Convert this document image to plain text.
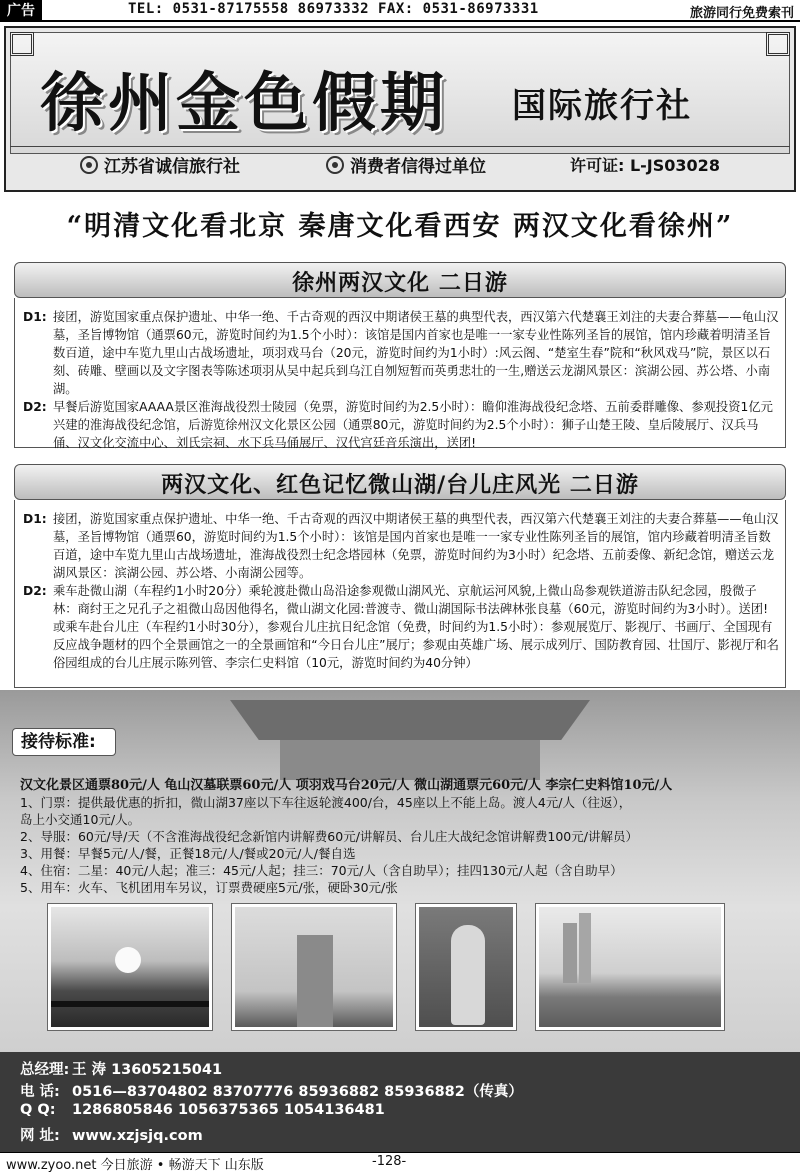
广告	TEL: 0531-87175558 86973332 FAX: 0531-86973331	旅游同行免费索刊
徐州金色假期 国际旅行社
江苏省诚信旅行社	消费者信得过单位	许可证: L-JS03028
“明清文化看北京 秦唐文化看西安 两汉文化看徐州”
徐州两汉文化 二日游
D1: 接团，游览国家重点保护遗址、中华一绝、千古奇观的西汉中期诸侯王墓的典型代表，西汉第六代楚襄王刘注的夫妻合葬墓——龟山汉墓，圣旨博物馆（通票60元，游览时间约为1.5个小时）：该馆是国内首家也是唯一一家专业性陈列圣旨的展馆，馆内珍藏着明清圣旨数百道，途中车览九里山古战场遗址，项羽戏马台（20元，游览时间约为1小时）:风云阁、“楚室生春”院和“秋风戏马”院，景区以石 刻、砖雕、壁画以及文字图表等陈述项羽从吴中起兵到乌江自刎短暂而英勇悲壮的一生,赠送云龙湖风景区：滨湖公园、苏公塔、小南湖。
D2: 早餐后游览国家AAAA景区淮海战役烈士陵园（免票，游览时间约为2.5小时）：瞻仰淮海战役纪念塔、五前委群雕像、参观投资1亿元兴建的淮海战役纪念馆，后游览徐州汉文化景区公园（通票80元，游览时间约为2.5个小时）：狮子山楚王陵、皇后陵展厅、汉兵马俑、汉文化交流中心、刘氏宗祠、水下兵马俑展厅、汉代宫廷音乐演出，送团!
两汉文化、红色记忆微山湖/台儿庄风光 二日游
D1: 接团，游览国家重点保护遗址、中华一绝、千古奇观的西汉中期诸侯王墓的典型代表，西汉第六代楚襄王刘注的夫妻合葬墓——龟山汉墓，圣旨博物馆（通票60，游览时间约为1.5个小时）：该馆是国内首家也是唯一一家专业性陈列圣旨的展馆，馆内珍藏着明清圣旨数百道，途中车览九里山古战场遗址，淮海战役烈士纪念塔园林（免票，游览时间约为3小时）纪念塔、五前委像、新纪念馆，赠送云龙湖风景区：滨湖公园、苏公塔、小南湖公园等。
D2: 乘车赴微山湖（车程约1小时20分）乘轮渡赴微山岛沿途参观微山湖风光、京航运河风貌,上微山岛参观铁道游击队纪念园，殷微子林：商纣王之兄孔子之祖微山岛因他得名，微山湖文化园:普渡寺、微山湖国际书法碑林张良墓（60元，游览时间约为3小时）。送团! 或乘车赴台儿庄（车程约1小时30分），参观台儿庄抗日纪念馆（免费，时间约为1.5小时）：参观展览厅、影视厅、书画厅、全国现有反应战争题材的四个全景画馆之一的全景画馆和“今日台儿庄”展厅；参观由英雄广场、展示成列厅、国防教育园、壮国厅、影视厅和名俗园组成的台儿庄展示陈列管、李宗仁史料馆（10元，游览时间约为40分钟）
接待标准:
汉文化景区通票80元/人 龟山汉墓联票60元/人 项羽戏马台20元/人 微山湖通票元60元/人 李宗仁史料馆10元/人
1、门票：提供最优惠的折扣，微山湖37座以下车往返轮渡400/台，45座以上不能上岛。渡人4元/人（往返），
岛上小交通10元/人。
2、导服：60元/导/天（不含淮海战役纪念新馆内讲解费60元/讲解员、台儿庄大战纪念馆讲解费100元/讲解员）
3、用餐：早餐5元/人/餐，正餐18元/人/餐或20元/人/餐自选
4、住宿：二星：40元/人起；准三：45元/人起；挂三：70元/人（含自助早）；挂四130元/人起（含自助早）
5、用车：火车、飞机团用车另议，订票费硬座5元/张，硬卧30元/张
总经理: 王 涛 13605215041
电 话: 0516—83704802 83707776 85936882 85936882（传真）
Q Q: 1286805846 1056375365 1054136481
网 址: www.xzjsjq.com
www.zyoo.net 今日旅游 • 畅游天下 山东版	-128-
